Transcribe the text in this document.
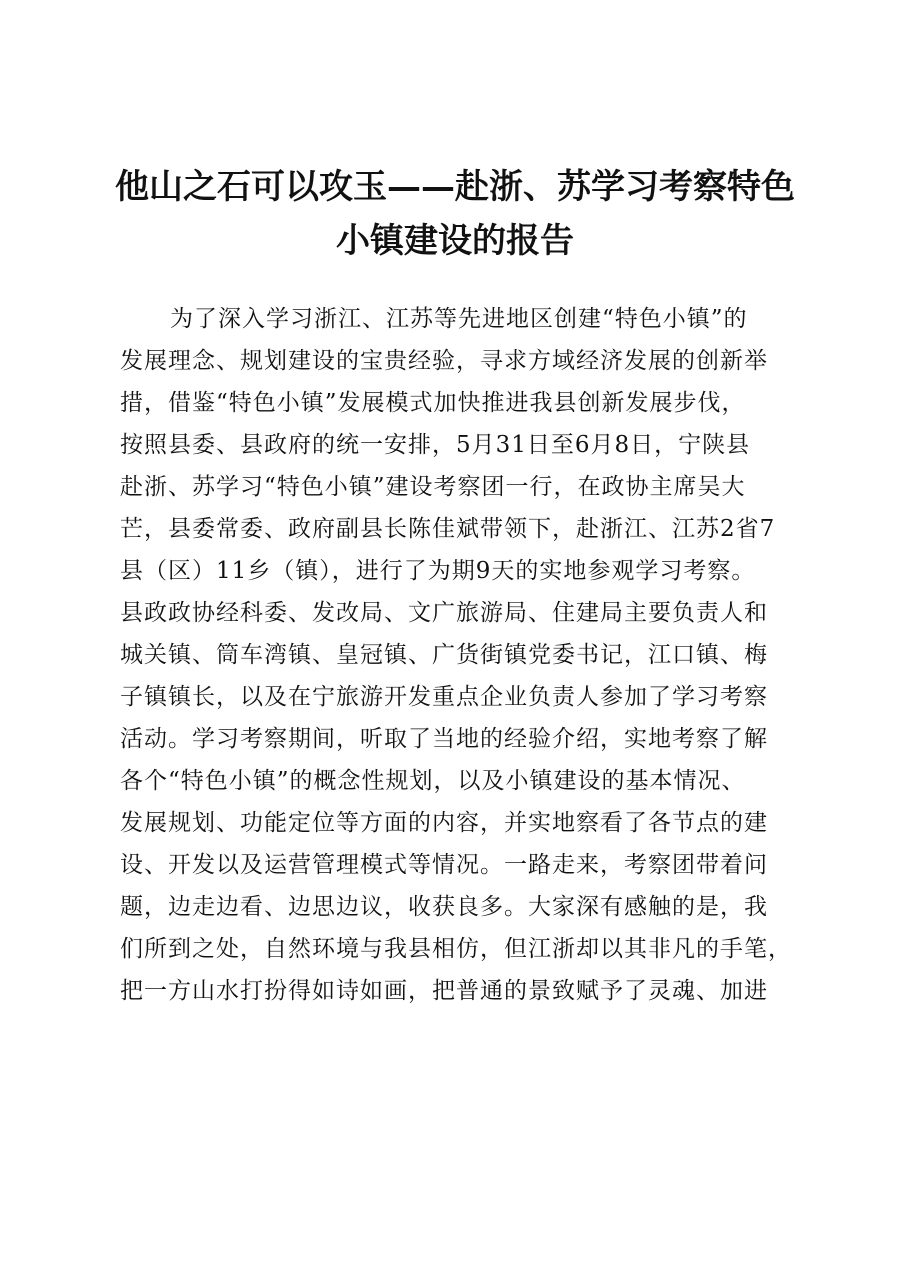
他山之石可以攻玉——赴浙、苏学习考察特色
小镇建设的报告
为了深入学习浙江、江苏等先进地区创建“特色小镇”的
发展理念、规划建设的宝贵经验，寻求方域经济发展的创新举
措，借鉴“特色小镇”发展模式加快推进我县创新发展步伐，
按照县委、县政府的统一安排，5月31日至6月8日，宁陕县
赴浙、苏学习“特色小镇”建设考察团一行，在政协主席吴大
芒，县委常委、政府副县长陈佳斌带领下，赴浙江、江苏2省7
县（区）11乡（镇），进行了为期9天的实地参观学习考察。
县政政协经科委、发改局、文广旅游局、住建局主要负责人和
城关镇、筒车湾镇、皇冠镇、广货街镇党委书记，江口镇、梅
子镇镇长，以及在宁旅游开发重点企业负责人参加了学习考察
活动。学习考察期间，听取了当地的经验介绍，实地考察了解
各个“特色小镇”的概念性规划，以及小镇建设的基本情况、
发展规划、功能定位等方面的内容，并实地察看了各节点的建
设、开发以及运营管理模式等情况。一路走来，考察团带着问
题，边走边看、边思边议，收获良多。大家深有感触的是，我
们所到之处，自然环境与我县相仿，但江浙却以其非凡的手笔，
把一方山水打扮得如诗如画，把普通的景致赋予了灵魂、加进
